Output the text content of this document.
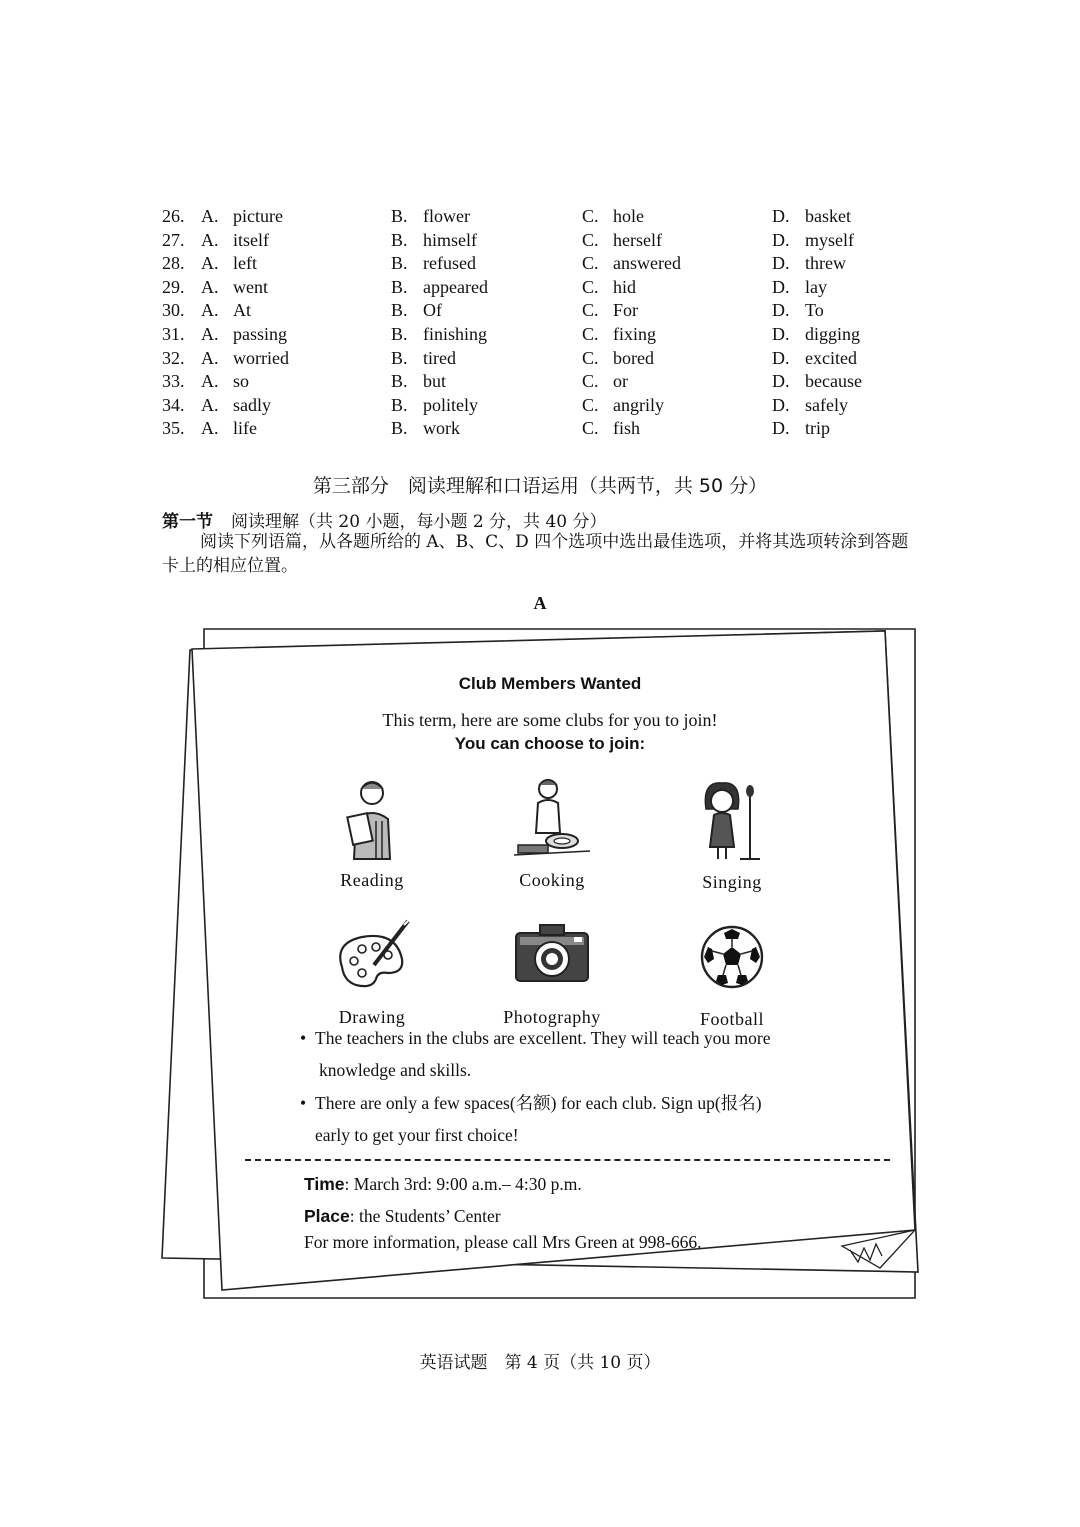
26. A. picture	B. flower	C. hole	D. basket
27. A. itself	B. himself	C. herself	D. myself
28. A. left	B. refused	C. answered	D. threw
29. A. went	B. appeared	C. hid	D. lay
30. A. At	B. Of	C. For	D. To
31. A. passing	B. finishing	C. fixing	D. digging
32. A. worried	B. tired	C. bored	D. excited
33. A. so	B. but	C. or	D. because
34. A. sadly	B. politely	C. angrily	D. safely
35. A. life	B. work	C. fish	D. trip
第三部分　阅读理解和口语运用（共两节，共 50 分）
第一节 阅读理解（共 20 小题，每小题 2 分，共 40 分）
阅读下列语篇，从各题所给的 A、B、C、D 四个选项中选出最佳选项，并将其选项转涂到答题卡上的相应位置。
A
Club Members Wanted
This term, here are some clubs for you to join!
You can choose to join:
Reading	Cooking	Singing
Drawing	Photography	Football
• The teachers in the clubs are excellent. They will teach you more
knowledge and skills.
• There are only a few spaces(名额) for each club. Sign up(报名)
early to get your first choice!
Time: March 3rd: 9:00 a.m.– 4:30 p.m.
Place: the Students’ Center
For more information, please call Mrs Green at 998-666.
英语试题　第 4 页（共 10 页）
